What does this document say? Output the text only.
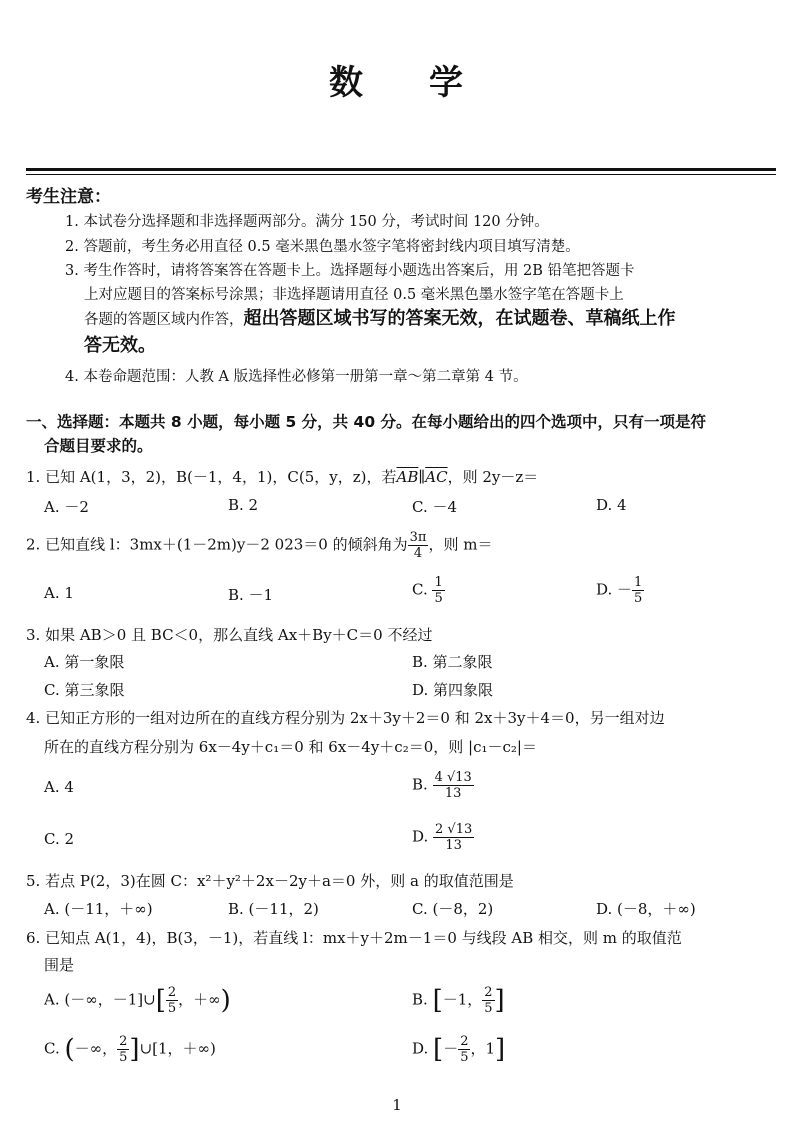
数 学
考生注意：
1. 本试卷分选择题和非选择题两部分。满分 150 分，考试时间 120 分钟。
2. 答题前，考生务必用直径 0.5 毫米黑色墨水签字笔将密封线内项目填写清楚。
3. 考生作答时，请将答案答在答题卡上。选择题每小题选出答案后，用 2B 铅笔把答题卡
上对应题目的答案标号涂黑；非选择题请用直径 0.5 毫米黑色墨水签字笔在答题卡上
各题的答题区域内作答，超出答题区域书写的答案无效，在试题卷、草稿纸上作
答无效。
4. 本卷命题范围：人教 A 版选择性必修第一册第一章～第二章第 4 节。
一、选择题：本题共 8 小题，每小题 5 分，共 40 分。在每小题给出的四个选项中，只有一项是符
合题目要求的。
1. 已知 A(1，3，2)，B(－1，4，1)，C(5，y，z)，若$\overline{AB}\parallel\overline{AC}$，则 2y－z＝
A. －2	B. 2	C. －4	D. 4
2. 已知直线 l：3mx＋(1－2m)y－2 023＝0 的倾斜角为 $\frac{3\pi}{4}$ ，则 m＝
A. 1	B. －1	C. $\frac{1}{5}$	D. － $\frac{1}{5}$
3. 如果 AB＞0 且 BC＜0，那么直线 Ax＋By＋C＝0 不经过
A. 第一象限	B. 第二象限
C. 第三象限	D. 第四象限
4. 已知正方形的一组对边所在的直线方程分别为 2x＋3y＋2＝0 和 2x＋3y＋4＝0，另一组对边
所在的直线方程分别为 6x－4y＋c₁＝0 和 6x－4y＋c₂＝0，则 |c₁－c₂|＝
A. 4	B. $\frac{4 √13}{13}$
C. 2	D. $\frac{2 √13}{13}$
5. 若点 P(2，3)在圆 C：x²＋y²＋2x－2y＋a＝0 外，则 a 的取值范围是
A. (－11，＋∞)	B. (－11，2)	C. (－8，2)	D. (－8，＋∞)
6. 已知点 A(1，4)，B(3，－1)，若直线 l：mx＋y＋2m－1＝0 与线段 AB 相交，则 m 的取值范
围是
A. (－∞，－1]∪[ $\frac{2}{5}$ ，＋∞)	B. [－1， $\frac{2}{5}$ ]
C. (－∞， $\frac{2}{5}$ ]∪[1，＋∞)	D. [－ $\frac{2}{5}$ ，1]
1
